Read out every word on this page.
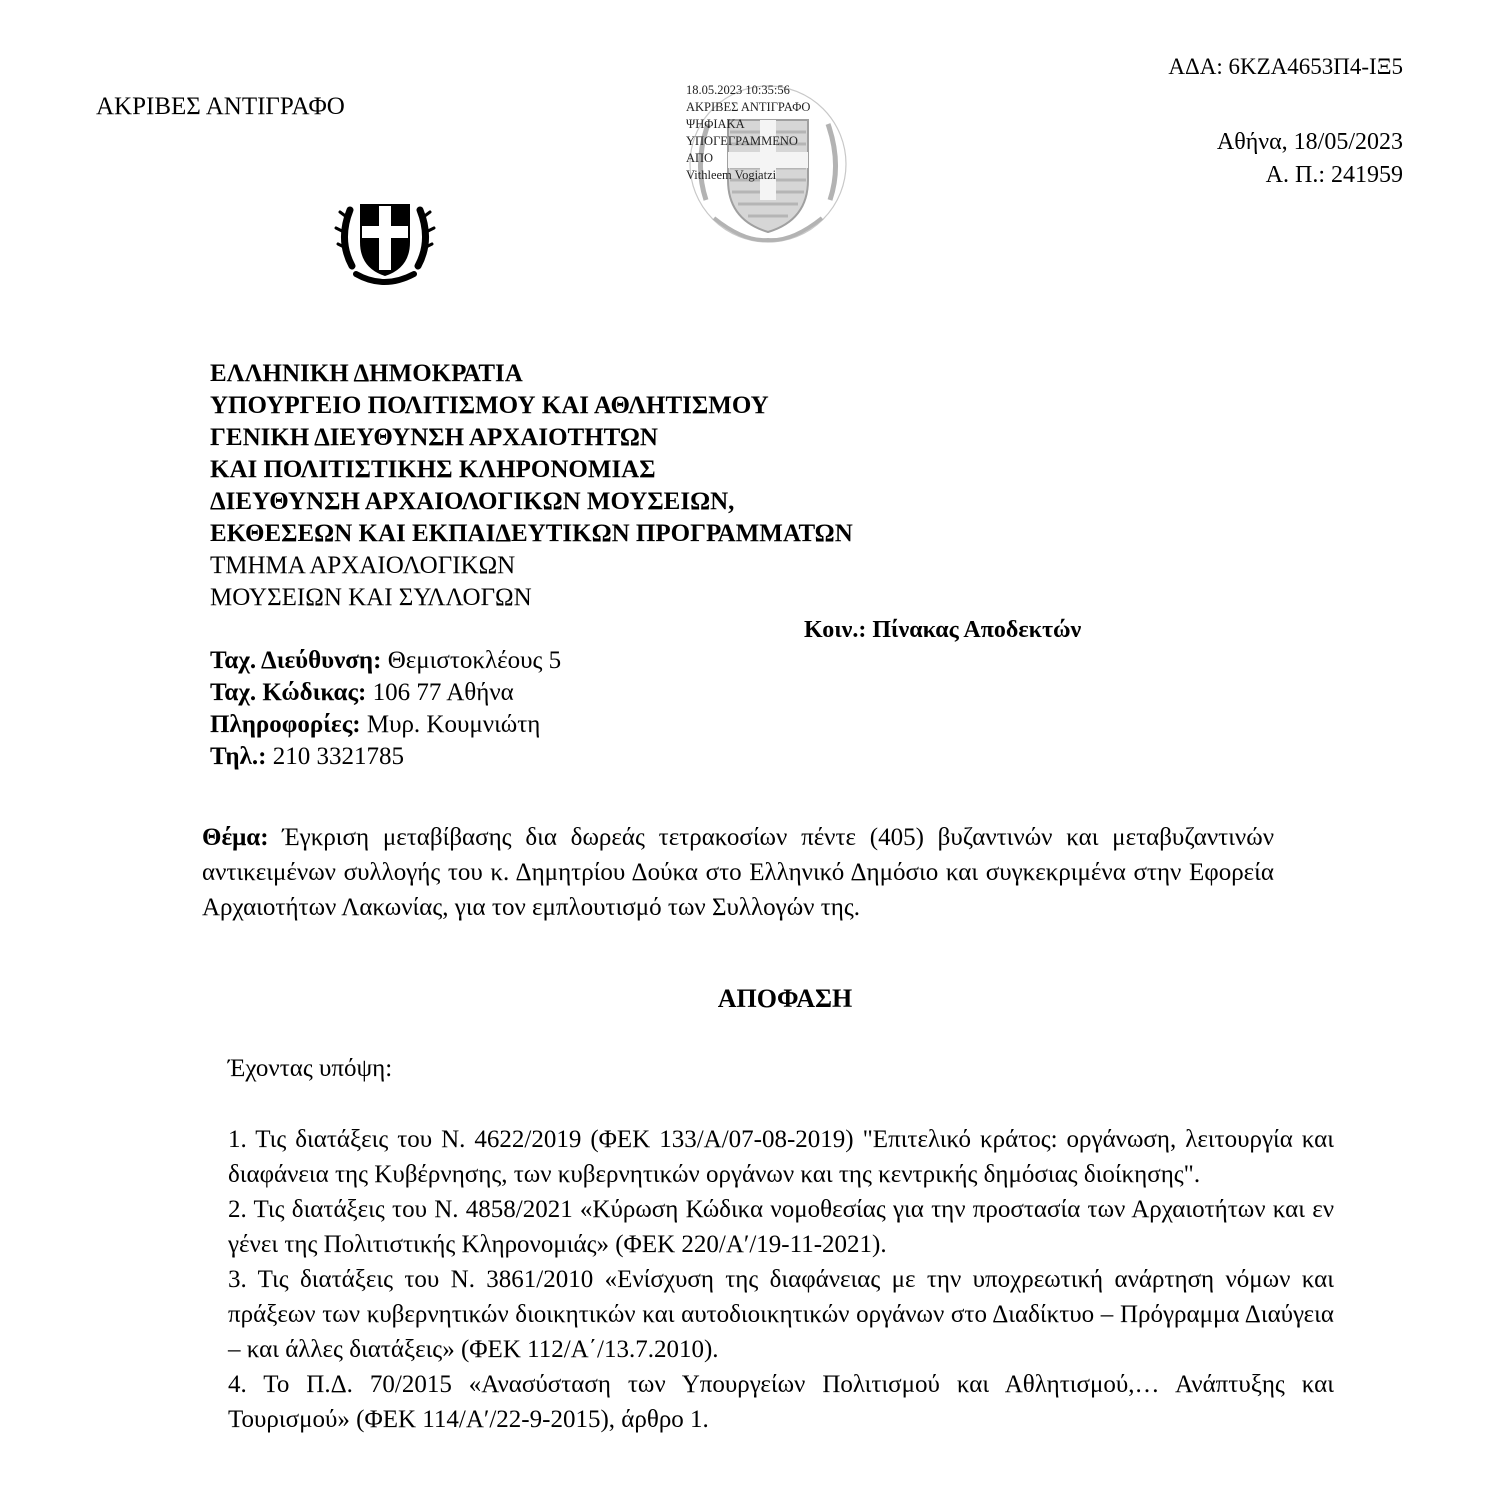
ΑΔΑ: 6ΚΖΑ4653Π4-ΙΞ5
ΑΚΡΙΒΕΣ ΑΝΤΙΓΡΑΦΟ
Αθήνα, 18/05/2023
Α. Π.: 241959
18.05.2023 10:35:56
ΑΚΡΙΒΕΣ ΑΝΤΙΓΡΑΦΟ
ΨΗΦΙΑΚΑ
ΥΠΟΓΕΓΡΑΜΜΕΝΟ
ΑΠΟ
Vithleem Vogiatzi
ΕΛΛΗΝΙΚΗ ΔΗΜΟΚΡΑΤΙΑ
ΥΠΟΥΡΓΕΙΟ ΠΟΛΙΤΙΣΜΟΥ ΚΑΙ ΑΘΛΗΤΙΣΜΟΥ
ΓΕΝΙΚΗ ΔΙΕΥΘΥΝΣΗ ΑΡΧΑΙΟΤΗΤΩΝ
ΚΑΙ ΠΟΛΙΤΙΣΤΙΚΗΣ ΚΛΗΡΟΝΟΜΙΑΣ
ΔΙΕΥΘΥΝΣΗ ΑΡΧΑΙΟΛΟΓΙΚΩΝ ΜΟΥΣΕΙΩΝ,
ΕΚΘΕΣΕΩΝ ΚΑΙ ΕΚΠΑΙΔΕΥΤΙΚΩΝ ΠΡΟΓΡΑΜΜΑΤΩΝ
ΤΜΗΜΑ ΑΡΧΑΙΟΛΟΓΙΚΩΝ
ΜΟΥΣΕΙΩΝ ΚΑΙ ΣΥΛΛΟΓΩΝ
Κοιν.: Πίνακας Αποδεκτών
Ταχ. Διεύθυνση: Θεμιστοκλέους 5
Ταχ. Κώδικας: 106 77 Αθήνα
Πληροφορίες: Μυρ. Κουμνιώτη
Τηλ.: 210 3321785
Θέμα: Έγκριση μεταβίβασης δια δωρεάς τετρακοσίων πέντε (405) βυζαντινών και μεταβυζαντινών αντικειμένων συλλογής του κ. Δημητρίου Δούκα στο Ελληνικό Δημόσιο και συγκεκριμένα στην Εφορεία Αρχαιοτήτων Λακωνίας, για τον εμπλουτισμό των Συλλογών της.
ΑΠΟΦΑΣΗ
Έχοντας υπόψη:
1. Τις διατάξεις του Ν. 4622/2019 (ΦΕΚ 133/Α/07-08-2019) "Επιτελικό κράτος: οργάνωση, λειτουργία και διαφάνεια της Κυβέρνησης, των κυβερνητικών οργάνων και της κεντρικής δημόσιας διοίκησης".
2. Τις διατάξεις του Ν. 4858/2021 «Κύρωση Κώδικα νομοθεσίας για την προστασία των Αρχαιοτήτων και εν γένει της Πολιτιστικής Κληρονομιάς» (ΦΕΚ 220/Α′/19-11-2021).
3. Τις διατάξεις του Ν. 3861/2010 «Ενίσχυση της διαφάνειας με την υποχρεωτική ανάρτηση νόμων και πράξεων των κυβερνητικών διοικητικών και αυτοδιοικητικών οργάνων στο Διαδίκτυο – Πρόγραμμα Διαύγεια – και άλλες διατάξεις» (ΦΕΚ 112/Α΄/13.7.2010).
4. Το Π.Δ. 70/2015 «Ανασύσταση των Υπουργείων Πολιτισμού και Αθλητισμού,… Ανάπτυξης και Τουρισμού» (ΦΕΚ 114/Α′/22-9-2015), άρθρο 1.
